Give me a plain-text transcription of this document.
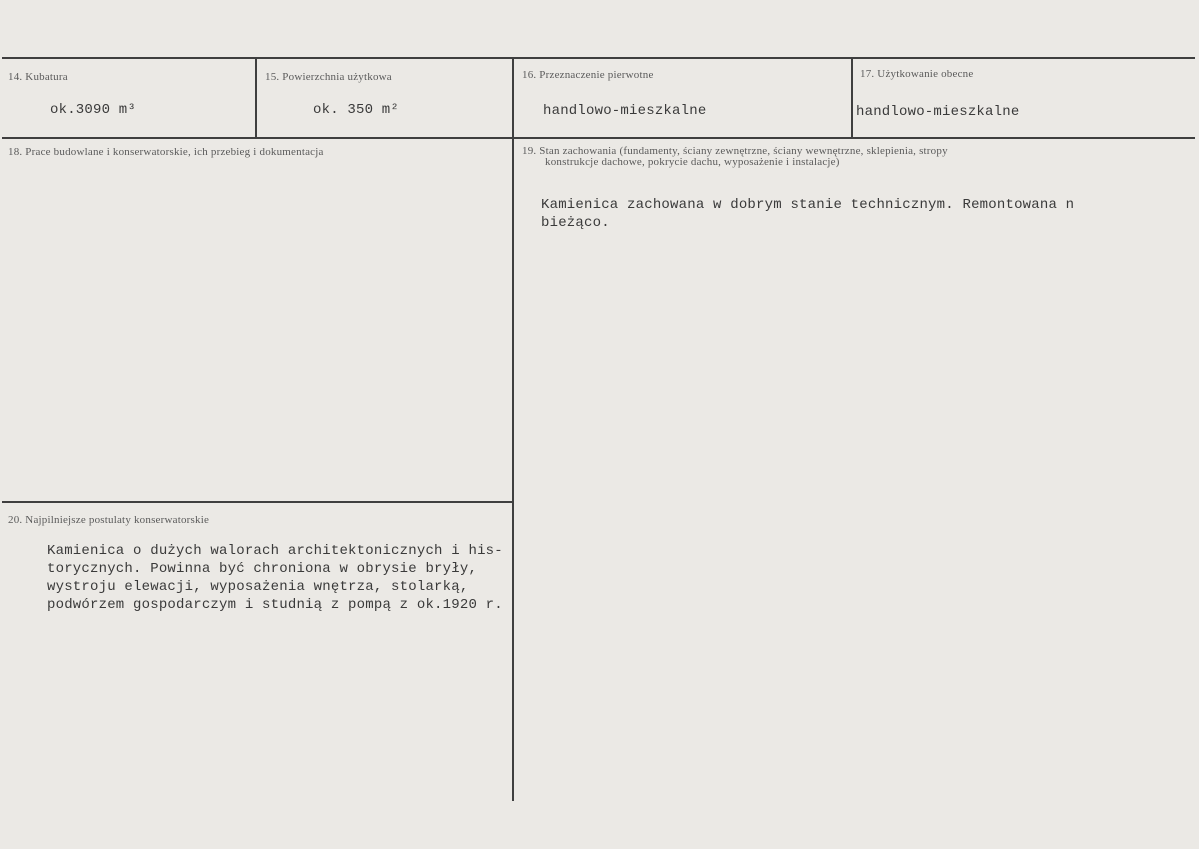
14. Kubatura
ok.3090 m³
15. Powierzchnia użytkowa
ok. 350 m²
16. Przeznaczenie pierwotne
handlowo-mieszkalne
17. Użytkowanie obecne
handlowo-mieszkalne
18. Prace budowlane i konserwatorskie, ich przebieg i dokumentacja	19. Stan zachowania (fundamenty, ściany zewnętrzne, ściany wewnętrzne, sklepienia, stropy
konstrukcje dachowe, pokrycie dachu, wyposażenie i instalacje)

Kamienica zachowana w dobrym stanie technicznym. Remontowana n

bieżąco.

20. Najpilniejsze postulaty konserwatorskie

Kamienica o dużych walorach architektonicznych i his-

torycznych. Powinna być chroniona w obrysie bryły,

wystroju elewacji, wyposażenia wnętrza, stolarką,

podwórzem gospodarczym i studnią z pompą z ok.1920 r.
